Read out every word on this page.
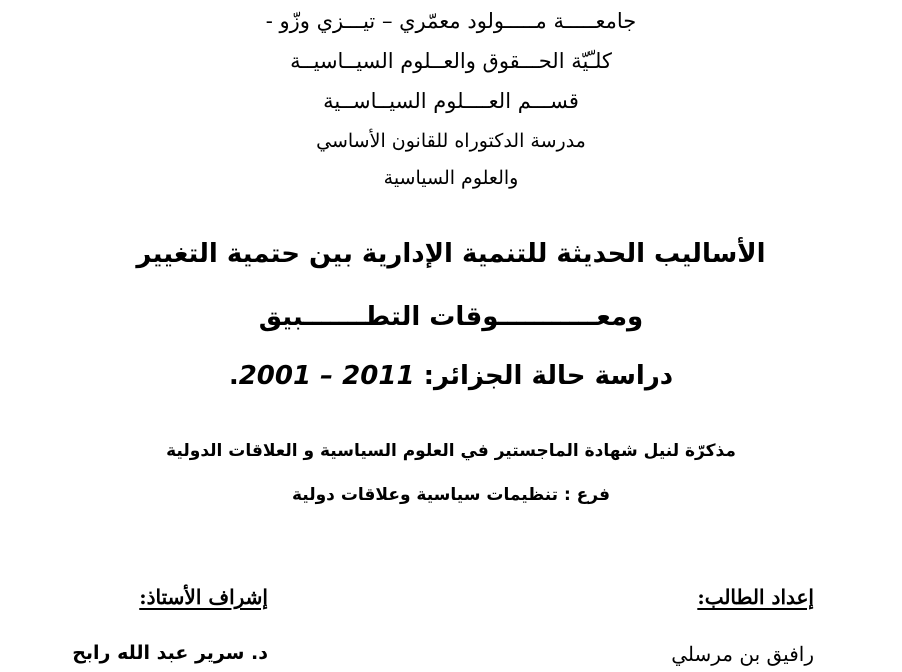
جامعـــــة مـــــولود معمّري – تيـــزي وزّو -
كلـّيّة الحـــقوق والعــلوم السيــاسيــة
قســـم العــــلوم السيــاســية
مدرسة الدكتوراه للقانون الأساسي
والعلوم السياسية
الأساليب الحديثة للتنمية الإدارية بين حتمية التغيير
ومعـــــــــــوقات التطـــــــبيق
دراسة حالة الجزائر: 2001 – 2011.
مذكرّة لنيل شهادة الماجستير في العلوم السياسية و العلاقات الدولية
فرع : تنظيمات سياسية وعلاقات دولية
إعداد الطالب:
رافيق بن مرسلي
إشراف الأستاذ:
د. سرير عبد الله رابح
